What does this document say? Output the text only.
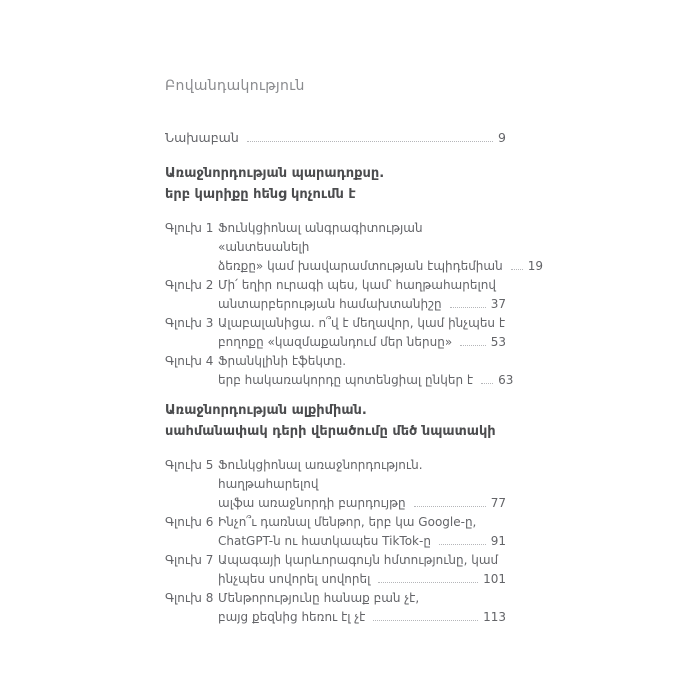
Բովանդակություն
Նախաբան	9
Առաջնորդության պարադոքսը.
երբ կարիքը հենց կոչումն է
Գլուխ 1 Ֆունկցիոնալ անգրագիտության «անտեսանելի
ձեռքը» կամ խավարամտության էպիդեմիան 19
Գլուխ 2 Մի՛ եղիր ուրագի պես, կամ՝ հաղթահարելով
անտարբերության համախտանիշը	37
Գլուխ 3 Ալաբալանիցա. ո՞վ է մեղավոր, կամ ինչպես է
բողոքը «կազմաքանդում մեր ներսը»	53
Գլուխ 4 Ֆրանկլինի էֆեկտը.
երբ հակառակորդը պոտենցիալ ընկեր է 63
Առաջնորդության ալքիմիան.
սահմանափակ դերի վերածումը մեծ նպատակի
Գլուխ 5 Ֆունկցիոնալ առաջնորդություն. հաղթահարելով
ալֆա առաջնորդի բարդույթը	77
Գլուխ 6 Ինչո՞ւ դառնալ մենթոր, երբ կա Google-ը,
ChatGPT-ն ու հատկապես TikTok-ը	91
Գլուխ 7 Ապագայի կարևորագույն հմտությունը, կամ
ինչպես սովորել սովորել	101
Գլուխ 8 Մենթորությունը հանաք բան չէ,
բայց քեզնից հեռու էլ չէ	113
